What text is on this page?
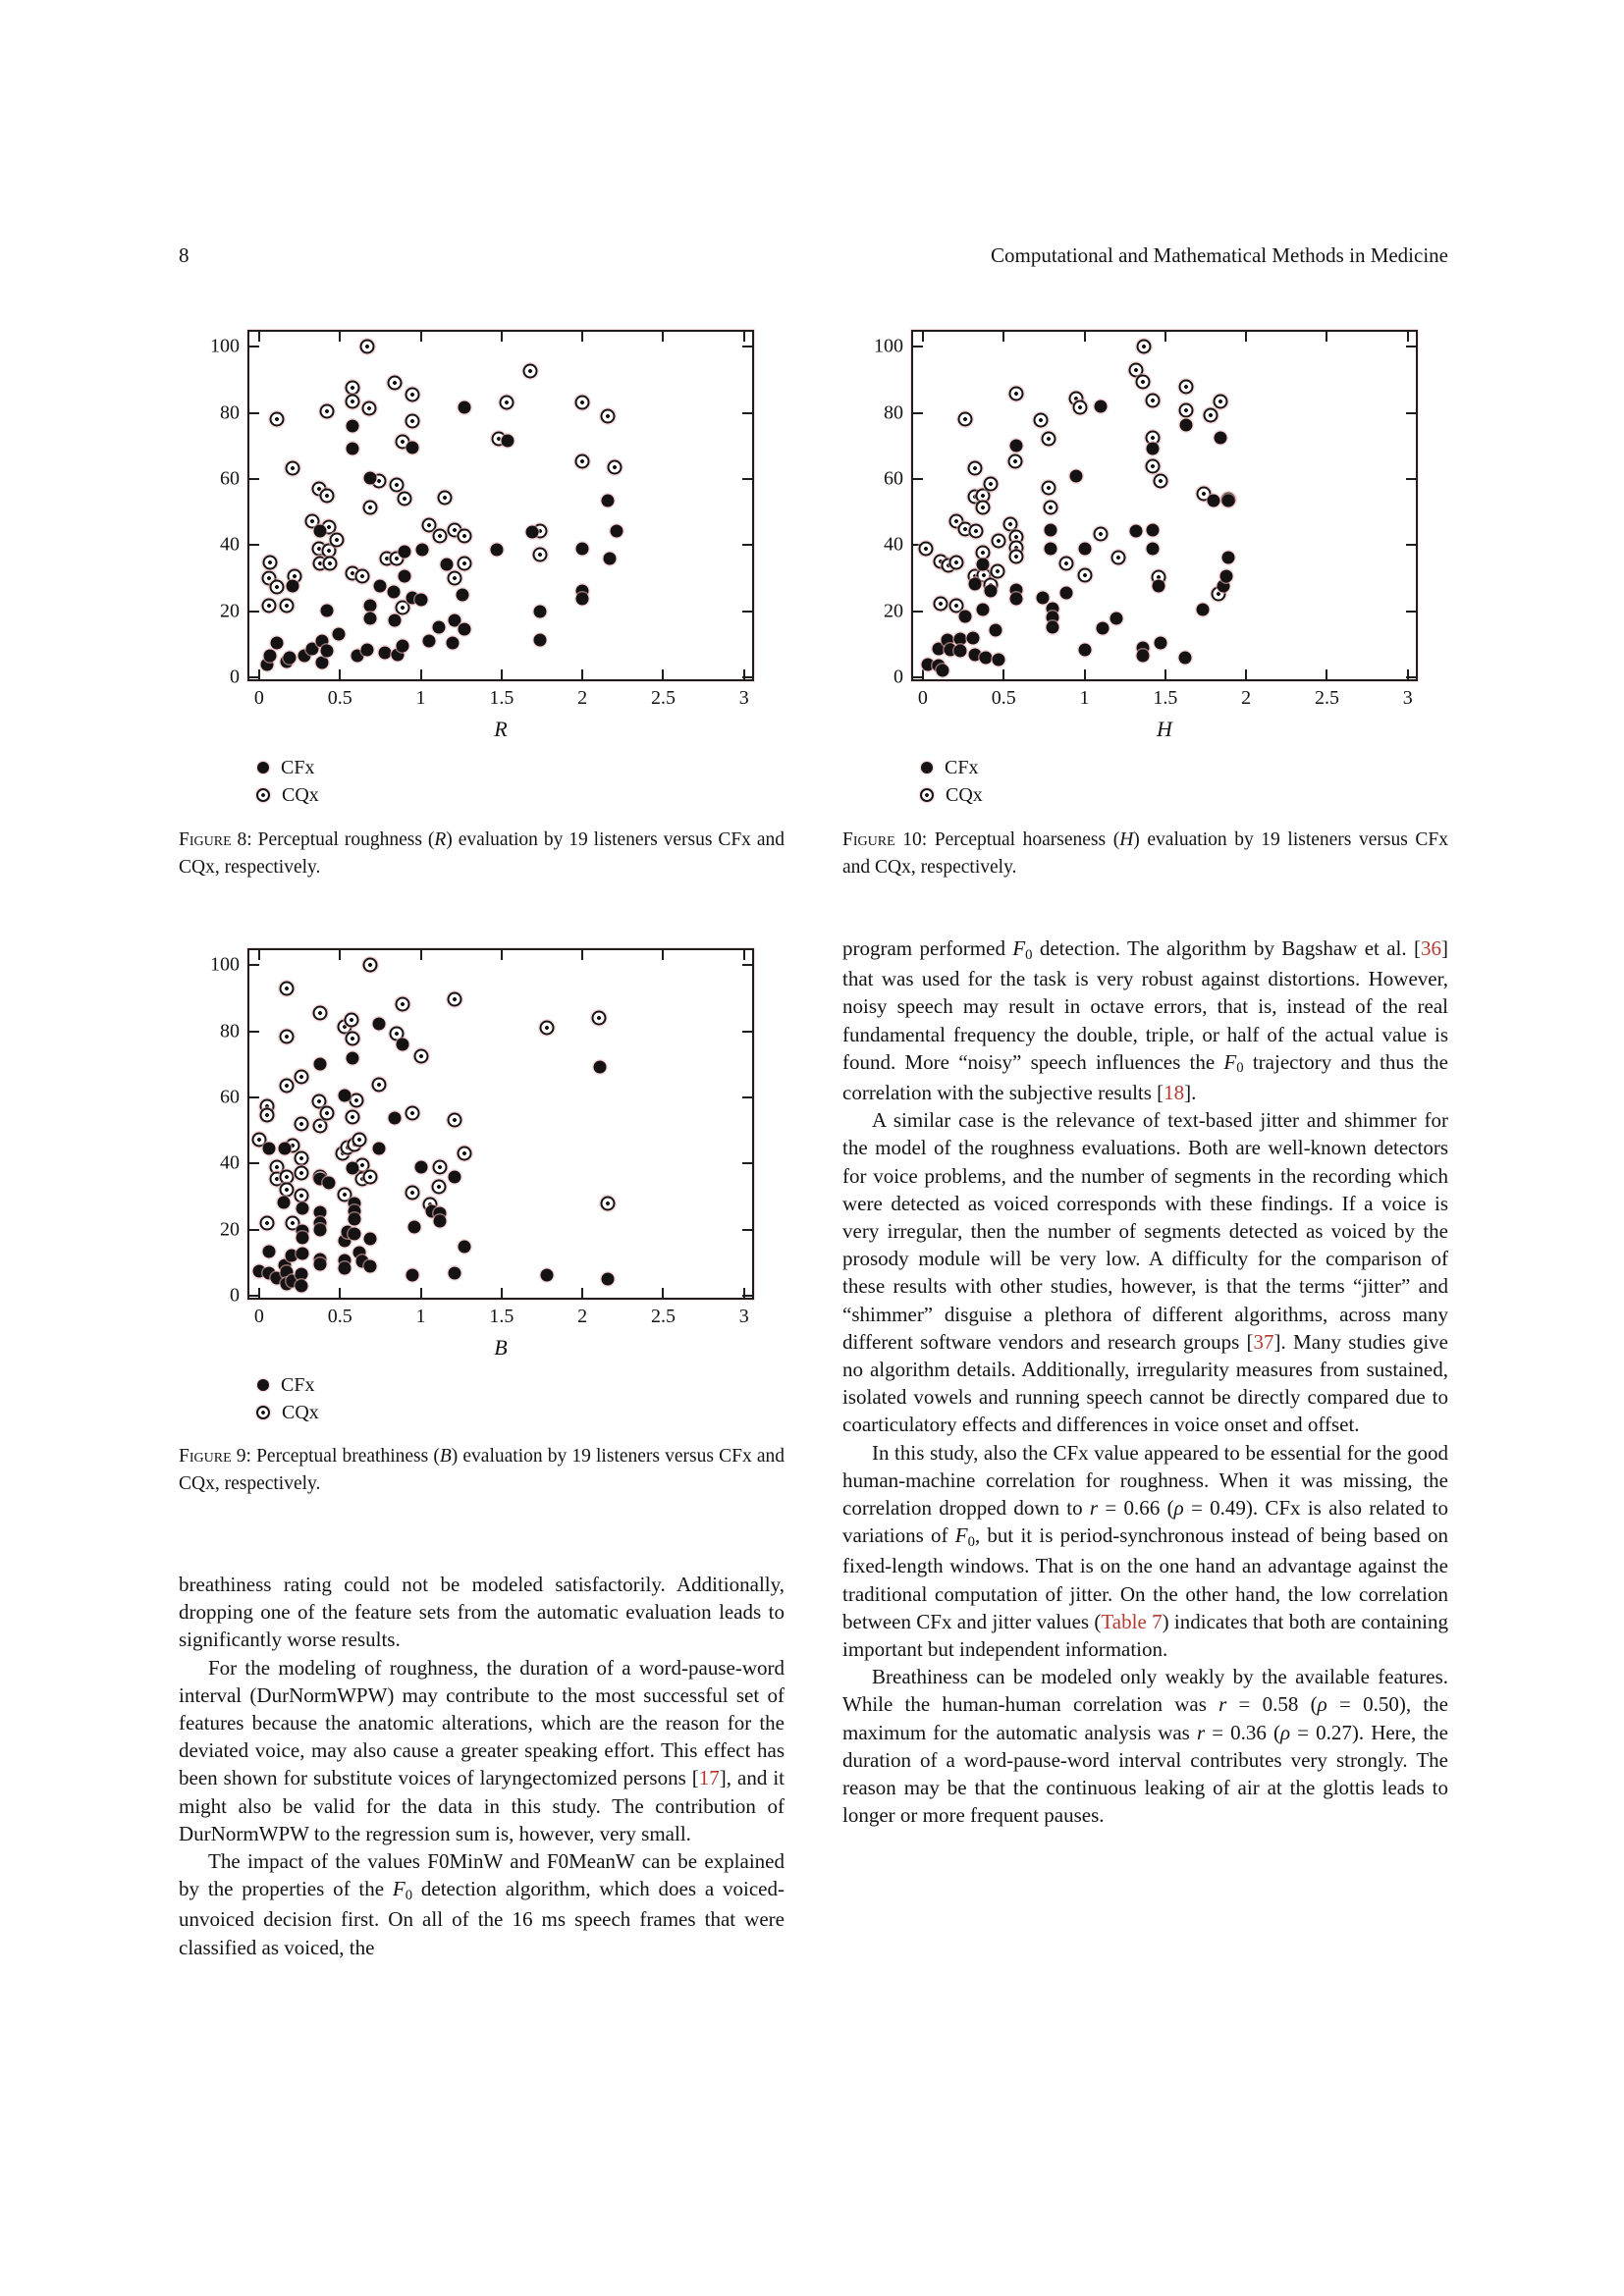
8	Computational and Mathematical Methods in Medicine
0	0.5	1	1.5	2	2.5	3
0
20
40
60
80
100
R
0	0.5	1	1.5	2	2.5	3
0
20
40
60
80
100
H
0	0.5	1	1.5	2	2.5	3
0
20
40
60
80
100
B
CFx
CQx
CFx
CQx
CFx
CQx
Figure 8: Perceptual roughness (R) evaluation by 19 listeners versus CFx and CQx, respectively.
Figure 10: Perceptual hoarseness (H) evaluation by 19 listeners versus CFx and CQx, respectively.
Figure 9: Perceptual breathiness (B) evaluation by 19 listeners versus CFx and CQx, respectively.

breathiness rating could not be modeled satisfactorily. Additionally, dropping one of the feature sets from the automatic evaluation leads to significantly worse results.

For the modeling of roughness, the duration of a word-pause-word interval (DurNormWPW) may contribute to the most successful set of features because the anatomic alterations, which are the reason for the deviated voice, may also cause a greater speaking effort. This effect has been shown for substitute voices of laryngectomized persons [17], and it might also be valid for the data in this study. The contribution of DurNormWPW to the regression sum is, however, very small.

The impact of the values F0MinW and F0MeanW can be explained by the properties of the F0 detection algorithm, which does a voiced-unvoiced decision first. On all of the 16 ms speech frames that were classified as voiced, the

program performed F0 detection. The algorithm by Bagshaw et al. [36] that was used for the task is very robust against distortions. However, noisy speech may result in octave errors, that is, instead of the real fundamental frequency the double, triple, or half of the actual value is found. More “noisy” speech influences the F0 trajectory and thus the correlation with the subjective results [18].

A similar case is the relevance of text-based jitter and shimmer for the model of the roughness evaluations. Both are well-known detectors for voice problems, and the number of segments in the recording which were detected as voiced corresponds with these findings. If a voice is very irregular, then the number of segments detected as voiced by the prosody module will be very low. A difficulty for the comparison of these results with other studies, however, is that the terms “jitter” and “shimmer” disguise a plethora of different algorithms, across many different software vendors and research groups [37]. Many studies give no algorithm details. Additionally, irregularity measures from sustained, isolated vowels and running speech cannot be directly compared due to coarticulatory effects and differences in voice onset and offset.

In this study, also the CFx value appeared to be essential for the good human-machine correlation for roughness. When it was missing, the correlation dropped down to r = 0.66 (ρ = 0.49). CFx is also related to variations of F0, but it is period-synchronous instead of being based on fixed-length windows. That is on the one hand an advantage against the traditional computation of jitter. On the other hand, the low correlation between CFx and jitter values (Table 7) indicates that both are containing important but independent information.

Breathiness can be modeled only weakly by the available features. While the human-human correlation was r = 0.58 (ρ = 0.50), the maximum for the automatic analysis was r = 0.36 (ρ = 0.27). Here, the duration of a word-pause-word interval contributes very strongly. The reason may be that the continuous leaking of air at the glottis leads to longer or more frequent pauses.
